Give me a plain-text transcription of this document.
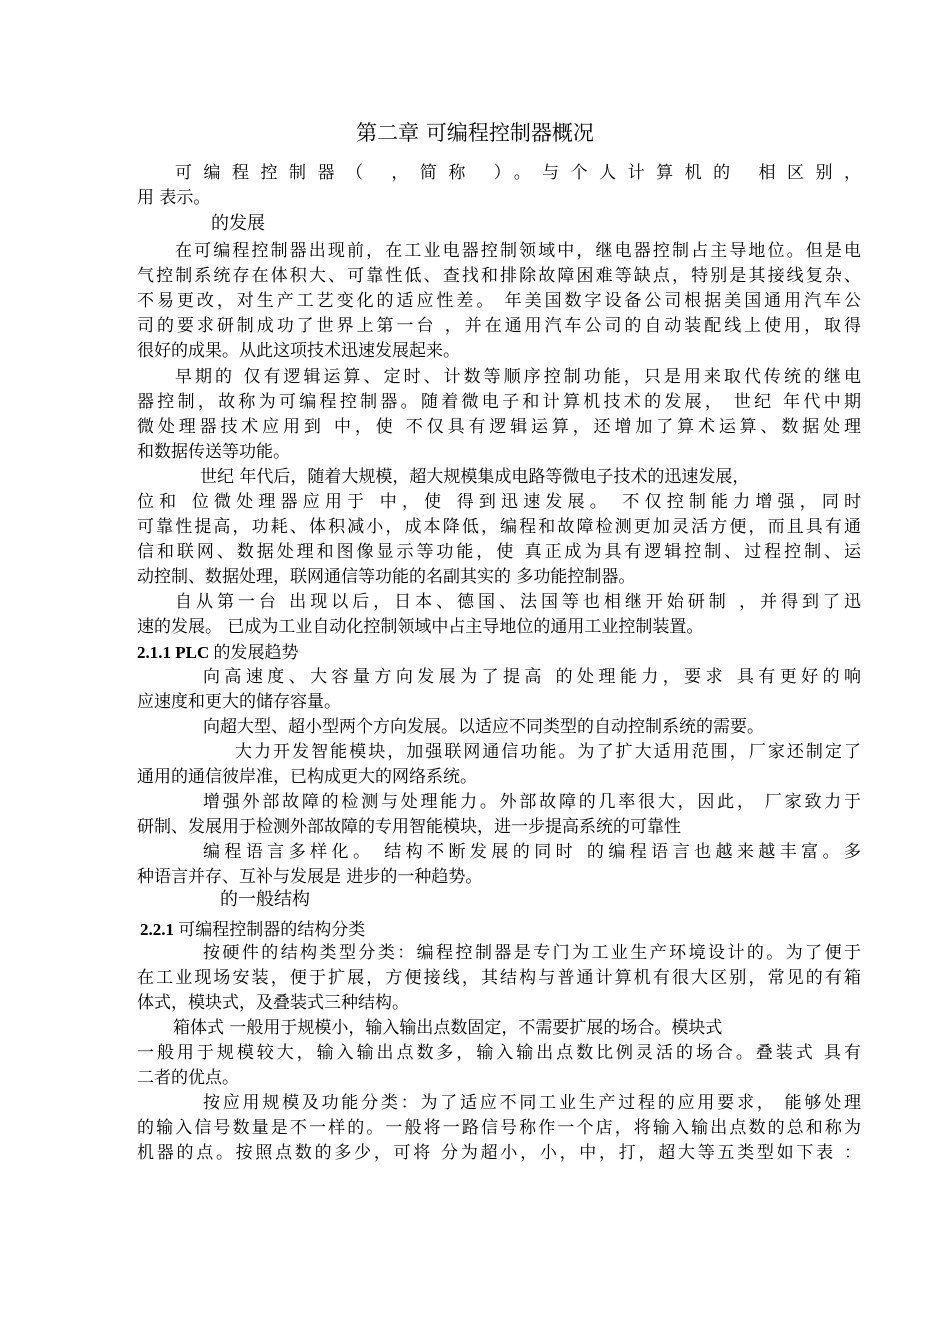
第二章 可编程控制器概况
可编程控制器（ ，简称 ）。与个人计算机的 相区别，
用 表示。
的发展
在可编程控制器出现前，在工业电器控制领域中，继电器控制占主导地位。但是电
气控制系统存在体积大、可靠性低、查找和排除故障困难等缺点，特别是其接线复杂、
不易更改，对生产工艺变化的适应性差。 年美国数字设备公司根据美国通用汽车公
司的要求研制成功了世界上第一台 ，并在通用汽车公司的自动装配线上使用，取得
很好的成果。从此这项技术迅速发展起来。
早期的 仅有逻辑运算、定时、计数等顺序控制功能，只是用来取代传统的继电
器控制，故称为可编程控制器。随着微电子和计算机技术的发展， 世纪 年代中期
微处理器技术应用到 中，使 不仅具有逻辑运算，还增加了算术运算、数据处理
和数据传送等功能。
世纪 年代后，随着大规模，超大规模集成电路等微电子技术的迅速发展，
位和 位微处理器应用于 中，使 得到迅速发展。 不仅控制能力增强，同时
可靠性提高，功耗、体积减小，成本降低，编程和故障检测更加灵活方便，而且具有通
信和联网、数据处理和图像显示等功能，使 真正成为具有逻辑控制、过程控制、运
动控制、数据处理，联网通信等功能的名副其实的 多功能控制器。
自从第一台 出现以后，日本、德国、法国等也相继开始研制 ，并得到了迅
速的发展。 已成为工业自动化控制领域中占主导地位的通用工业控制装置。
2.1.1 PLC 的发展趋势
向高速度、大容量方向发展为了提高 的处理能力，要求 具有更好的响
应速度和更大的储存容量。
向超大型、超小型两个方向发展。以适应不同类型的自动控制系统的需要。
大力开发智能模块，加强联网通信功能。为了扩大适用范围，厂家还制定了
通用的通信彼岸准，已构成更大的网络系统。
增强外部故障的检测与处理能力。外部故障的几率很大，因此， 厂家致力于
研制、发展用于检测外部故障的专用智能模块，进一步提高系统的可靠性
编程语言多样化。 结构不断发展的同时 的编程语言也越来越丰富。多
种语言并存、互补与发展是 进步的一种趋势。
的一般结构
2.2.1 可编程控制器的结构分类
按硬件的结构类型分类：编程控制器是专门为工业生产环境设计的。为了便于
在工业现场安装，便于扩展，方便接线，其结构与普通计算机有很大区别，常见的有箱
体式，模块式，及叠装式三种结构。
箱体式 一般用于规模小，输入输出点数固定，不需要扩展的场合。模块式
一般用于规模较大，输入输出点数多，输入输出点数比例灵活的场合。叠装式 具有
二者的优点。
按应用规模及功能分类：为了适应不同工业生产过程的应用要求， 能够处理
的输入信号数量是不一样的。一般将一路信号称作一个店，将输入输出点数的总和称为
机器的点。按照点数的多少，可将 分为超小，小，中，打，超大等五类型如下表 ：
